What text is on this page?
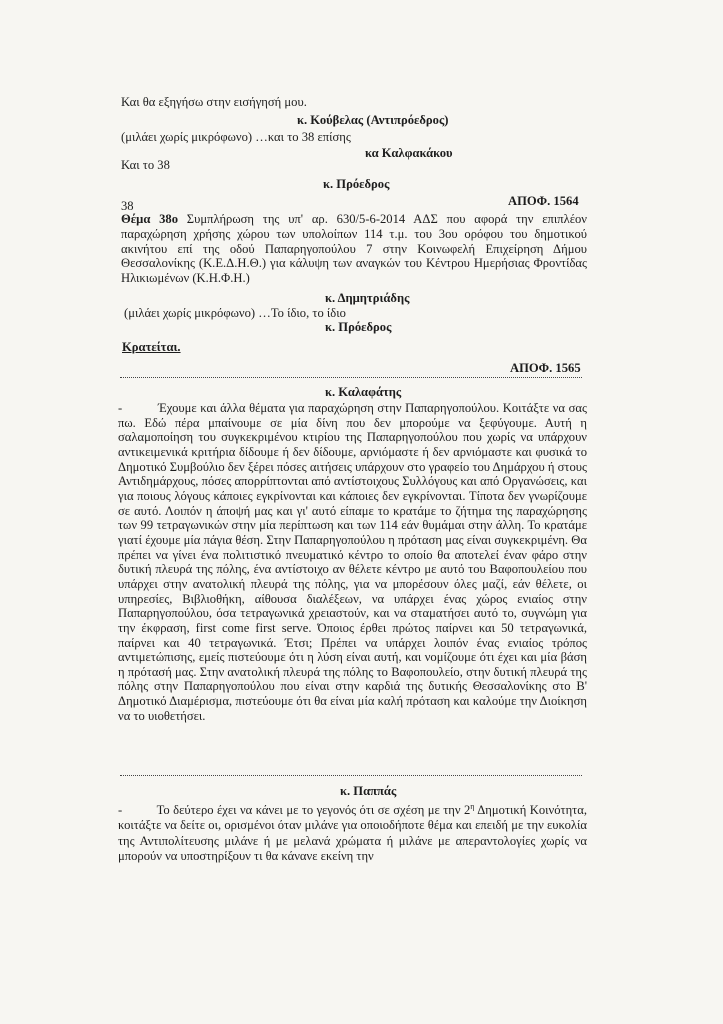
Και θα εξηγήσω στην εισήγησή μου.
κ. Κούβελας (Αντιπρόεδρος)
(μιλάει χωρίς μικρόφωνο) …και το 38 επίσης
κα Καλφακάκου
Και το 38
κ. Πρόεδρος
38	ΑΠΟΦ. 1564
Θέμα 38ο Συμπλήρωση της υπ' αρ. 630/5-6-2014 ΑΔΣ που αφορά την επιπλέον παραχώρηση χρήσης χώρου των υπολοίπων 114 τ.μ. του 3ου ορόφου του δημοτικού ακινήτου επί της οδού Παπαρηγοπούλου 7 στην Κοινωφελή Επιχείρηση Δήμου Θεσσαλονίκης (Κ.Ε.Δ.Η.Θ.) για κάλυψη των αναγκών του Κέντρου Ημερήσιας Φροντίδας Ηλικιωμένων (Κ.Η.Φ.Η.)
κ. Δημητριάδης
(μιλάει χωρίς μικρόφωνο) …Το ίδιο, το ίδιο
κ. Πρόεδρος
Κρατείται.
ΑΠΟΦ. 1565
κ. Καλαφάτης
-          Έχουμε και άλλα θέματα για παραχώρηση στην Παπαρηγοπούλου. Κοιτάξτε να σας πω. Εδώ πέρα μπαίνουμε σε μία δίνη που δεν μπορούμε να ξεφύγουμε. Αυτή η σαλαμοποίηση του συγκεκριμένου κτιρίου της Παπαρηγοπούλου που χωρίς να υπάρχουν αντικειμενικά κριτήρια δίδουμε ή δεν δίδουμε, αρνιόμαστε ή δεν αρνιόμαστε και φυσικά το Δημοτικό Συμβούλιο δεν ξέρει πόσες αιτήσεις υπάρχουν στο γραφείο του Δημάρχου ή στους Αντιδημάρχους, πόσες απορρίπτονται από αντίστοιχους Συλλόγους και από Οργανώσεις, και για ποιους λόγους κάποιες εγκρίνονται και κάποιες δεν εγκρίνονται. Τίποτα δεν γνωρίζουμε σε αυτό. Λοιπόν η άποψή μας και γι' αυτό είπαμε το κρατάμε το ζήτημα της παραχώρησης των 99 τετραγωνικών στην μία περίπτωση και των 114 εάν θυμάμαι στην άλλη. Το κρατάμε γιατί έχουμε μία πάγια θέση. Στην Παπαρηγοπούλου η πρόταση μας είναι συγκεκριμένη. Θα πρέπει να γίνει ένα πολιτιστικό πνευματικό κέντρο το οποίο θα αποτελεί έναν φάρο στην δυτική πλευρά της πόλης, ένα αντίστοιχο αν θέλετε κέντρο με αυτό του Βαφοπουλείου που υπάρχει στην ανατολική πλευρά της πόλης, για να μπορέσουν όλες μαζί, εάν θέλετε, οι υπηρεσίες, Βιβλιοθήκη, αίθουσα διαλέξεων, να υπάρχει ένας χώρος ενιαίος στην Παπαρηγοπούλου, όσα τετραγωνικά χρειαστούν, και να σταματήσει αυτό το, συγνώμη για την έκφραση, first come first serve. Όποιος έρθει πρώτος παίρνει και 50 τετραγωνικά, παίρνει και 40 τετραγωνικά. Έτσι; Πρέπει να υπάρχει λοιπόν ένας ενιαίος τρόπος αντιμετώπισης, εμείς πιστεύουμε ότι η λύση είναι αυτή, και νομίζουμε ότι έχει και μία βάση η πρότασή μας. Στην ανατολική πλευρά της πόλης το Βαφοπουλείο, στην δυτική πλευρά της πόλης στην Παπαρηγοπούλου που είναι στην καρδιά της δυτικής Θεσσαλονίκης στο Β' Δημοτικό Διαμέρισμα, πιστεύουμε ότι θα είναι μία καλή πρόταση και καλούμε την Διοίκηση να το υιοθετήσει.
κ. Παππάς
-          Το δεύτερο έχει να κάνει με το γεγονός ότι σε σχέση με την $2^\eta$ Δημοτική Κοινότητα, κοιτάξτε να δείτε οι, ορισμένοι όταν μιλάνε για οποιοδήποτε θέμα και επειδή με την ευκολία της Αντιπολίτευσης μιλάνε ή με μελανά χρώματα ή μιλάνε με απεραντολογίες χωρίς να μπορούν να υποστηρίξουν τι θα κάνανε εκείνη την
